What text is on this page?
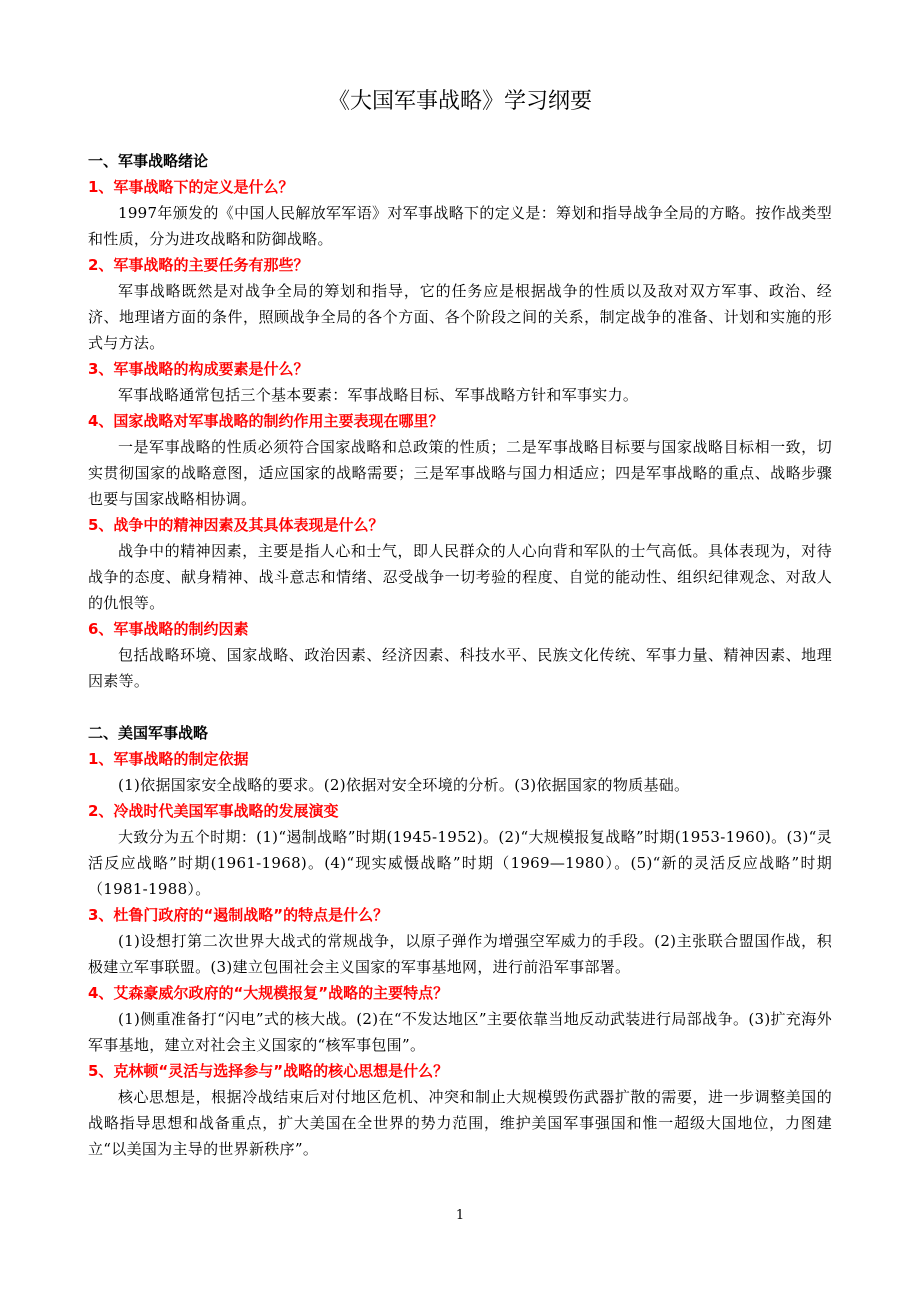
《大国军事战略》学习纲要

一、军事战略绪论

1、军事战略下的定义是什么？

1997年颁发的《中国人民解放军军语》对军事战略下的定义是：筹划和指导战争全局的方略。按作战类型和性质，分为进攻战略和防御战略。

2、军事战略的主要任务有那些？

军事战略既然是对战争全局的筹划和指导，它的任务应是根据战争的性质以及敌对双方军事、政治、经济、地理诸方面的条件，照顾战争全局的各个方面、各个阶段之间的关系，制定战争的准备、计划和实施的形式与方法。

3、军事战略的构成要素是什么？

军事战略通常包括三个基本要素：军事战略目标、军事战略方针和军事实力。

4、国家战略对军事战略的制约作用主要表现在哪里？

一是军事战略的性质必须符合国家战略和总政策的性质；二是军事战略目标要与国家战略目标相一致，切实贯彻国家的战略意图，适应国家的战略需要；三是军事战略与国力相适应；四是军事战略的重点、战略步骤也要与国家战略相协调。

5、战争中的精神因素及其具体表现是什么？

战争中的精神因素，主要是指人心和士气，即人民群众的人心向背和军队的士气高低。具体表现为，对待战争的态度、献身精神、战斗意志和情绪、忍受战争一切考验的程度、自觉的能动性、组织纪律观念、对敌人的仇恨等。

6、军事战略的制约因素

包括战略环境、国家战略、政治因素、经济因素、科技水平、民族文化传统、军事力量、精神因素、地理因素等。

二、美国军事战略

1、军事战略的制定依据

(1)依据国家安全战略的要求。(2)依据对安全环境的分析。(3)依据国家的物质基础。

2、冷战时代美国军事战略的发展演变

大致分为五个时期：(1)“遏制战略”时期(1945-1952)。(2)“大规模报复战略”时期(1953-1960)。(3)“灵活反应战略”时期(1961-1968)。(4)“现实威慑战略”时期（1969—1980）。(5)“新的灵活反应战略”时期（1981-1988）。

3、杜鲁门政府的“遏制战略”的特点是什么？

(1)设想打第二次世界大战式的常规战争，以原子弹作为增强空军威力的手段。(2)主张联合盟国作战，积极建立军事联盟。(3)建立包围社会主义国家的军事基地网，进行前沿军事部署。

4、艾森豪威尔政府的“大规模报复”战略的主要特点？

(1)侧重准备打“闪电”式的核大战。(2)在“不发达地区”主要依靠当地反动武装进行局部战争。(3)扩充海外军事基地，建立对社会主义国家的“核军事包围”。

5、克林顿“灵活与选择参与”战略的核心思想是什么？

核心思想是，根据冷战结束后对付地区危机、冲突和制止大规模毁伤武器扩散的需要，进一步调整美国的战略指导思想和战备重点，扩大美国在全世界的势力范围，维护美国军事强国和惟一超级大国地位，力图建立“以美国为主导的世界新秩序”。

1
